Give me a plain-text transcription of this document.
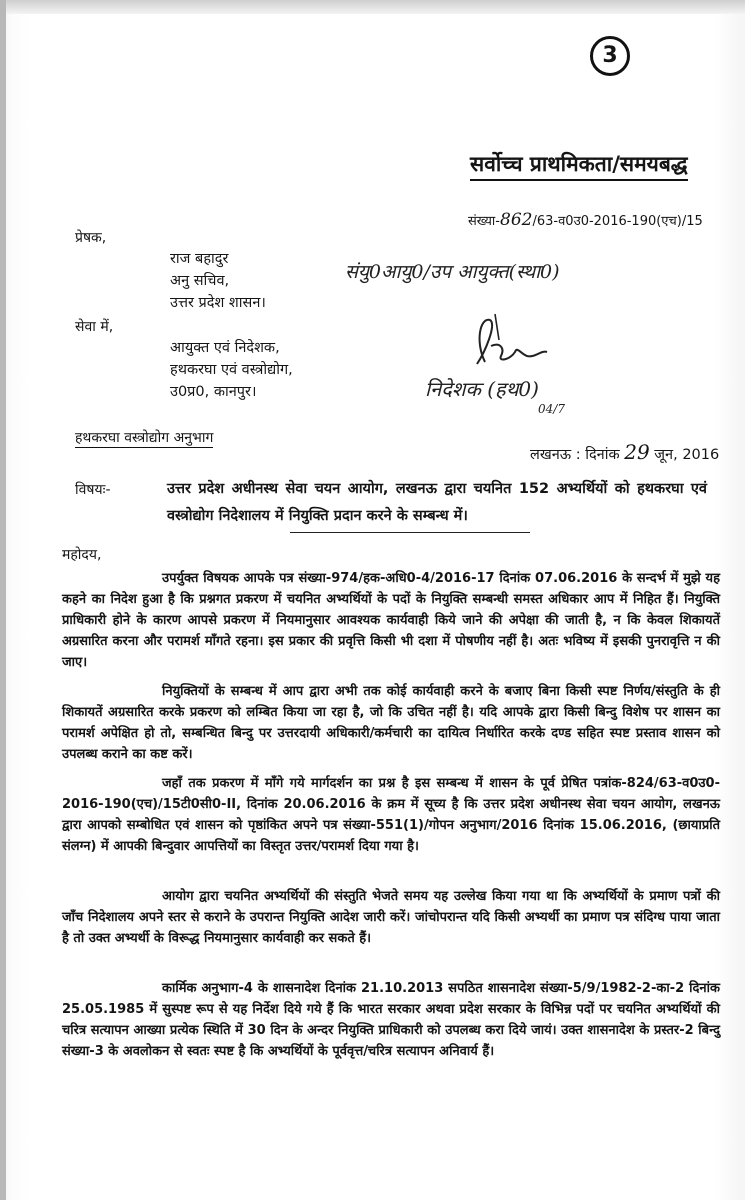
3
सर्वोच्च प्राथमिकता/समयबद्ध
संख्या-862/63-व0उ0-2016-190(एच)/15
प्रेषक,
राज बहादुर
अनु सचिव,
उत्तर प्रदेश शासन।
संयु0आयु0/उप आयुक्त(स्था0)
सेवा में,
आयुक्त एवं निदेशक,
हथकरघा एवं वस्त्रोद्योग,
उ0प्र0, कानपुर।	निदेशक (हथ0)
04/7
हथकरघा वस्त्रोद्योग अनुभाग
लखनऊ : दिनांक 29 जून, 2016
विषयः-	उत्तर प्रदेश अधीनस्थ सेवा चयन आयोग, लखनऊ द्वारा चयनित 152 अभ्यर्थियों को हथकरघा एवं वस्त्रोद्योग निदेशालय में नियुक्ति प्रदान करने के सम्बन्ध में।
महोदय,
उपर्युक्त विषयक आपके पत्र संख्या-974/हक-अधि0-4/2016-17 दिनांक 07.06.2016 के सन्दर्भ में मुझे यह कहने का निदेश हुआ है कि प्रश्नगत प्रकरण में चयनित अभ्यर्थियों के पदों के नियुक्ति सम्बन्धी समस्त अधिकार आप में निहित हैं। नियुक्ति प्राधिकारी होने के कारण आपसे प्रकरण में नियमानुसार आवश्यक कार्यवाही किये जाने की अपेक्षा की जाती है, न कि केवल शिकायतें अग्रसारित करना और परामर्श माँगते रहना। इस प्रकार की प्रवृत्ति किसी भी दशा में पोषणीय नहीं है। अतः भविष्य में इसकी पुनरावृत्ति न की जाए।
नियुक्तियों के सम्बन्ध में आप द्वारा अभी तक कोई कार्यवाही करने के बजाए बिना किसी स्पष्ट निर्णय/संस्तुति के ही शिकायतें अग्रसारित करके प्रकरण को लम्बित किया जा रहा है, जो कि उचित नहीं है। यदि आपके द्वारा किसी बिन्दु विशेष पर शासन का परामर्श अपेक्षित हो तो, सम्बन्धित बिन्दु पर उत्तरदायी अधिकारी/कर्मचारी का दायित्व निर्धारित करके दण्ड सहित स्पष्ट प्रस्ताव शासन को उपलब्ध कराने का कष्ट करें।
जहाँ तक प्रकरण में माँगे गये मार्गदर्शन का प्रश्न है इस सम्बन्ध में शासन के पूर्व प्रेषित पत्रांक-824/63-व0उ0-2016-190(एच)/15टी0सी0-II, दिनांक 20.06.2016 के क्रम में सूच्य है कि उत्तर प्रदेश अधीनस्थ सेवा चयन आयोग, लखनऊ द्वारा आपको सम्बोधित एवं शासन को पृष्ठांकित अपने पत्र संख्या-551(1)/गोपन अनुभाग/2016 दिनांक 15.06.2016, (छायाप्रति संलग्न) में आपकी बिन्दुवार आपत्तियों का विस्तृत उत्तर/परामर्श दिया गया है।
आयोग द्वारा चयनित अभ्यर्थियों की संस्तुति भेजते समय यह उल्लेख किया गया था कि अभ्यर्थियों के प्रमाण पत्रों की जाँच निदेशालय अपने स्तर से कराने के उपरान्त नियुक्ति आदेश जारी करें। जांचोपरान्त यदि किसी अभ्यर्थी का प्रमाण पत्र संदिग्ध पाया जाता है तो उक्त अभ्यर्थी के विरूद्ध नियमानुसार कार्यवाही कर सकते हैं।
कार्मिक अनुभाग-4 के शासनादेश दिनांक 21.10.2013 सपठित शासनादेश संख्या-5/9/1982-2-का-2 दिनांक 25.05.1985 में सुस्पष्ट रूप से यह निर्देश दिये गये हैं कि भारत सरकार अथवा प्रदेश सरकार के विभिन्न पदों पर चयनित अभ्यर्थियों की चरित्र सत्यापन आख्या प्रत्येक स्थिति में 30 दिन के अन्दर नियुक्ति प्राधिकारी को उपलब्ध करा दिये जायं। उक्त शासनादेश के प्रस्तर-2 बिन्दु संख्या-3 के अवलोकन से स्वतः स्पष्ट है कि अभ्यर्थियों के पूर्ववृत्त/चरित्र सत्यापन अनिवार्य हैं।
